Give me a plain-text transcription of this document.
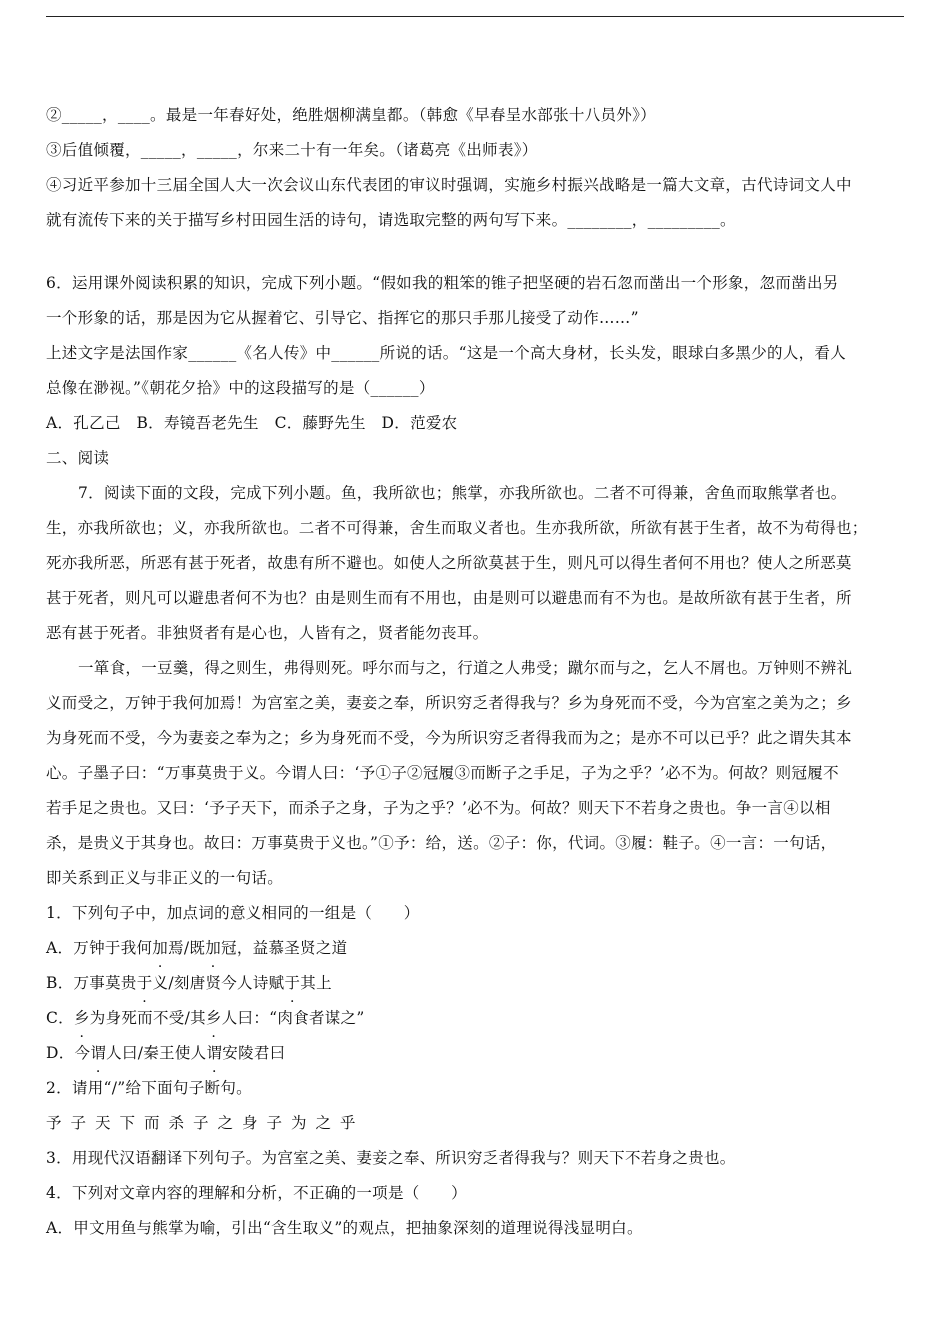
②_____，____。最是一年春好处，绝胜烟柳满皇都。（韩愈《早春呈水部张十八员外》）
③后值倾覆，_____，_____，尔来二十有一年矣。（诸葛亮《出师表》）
④习近平参加十三届全国人大一次会议山东代表团的审议时强调，实施乡村振兴战略是一篇大文章，古代诗词文人中
就有流传下来的关于描写乡村田园生活的诗句，请选取完整的两句写下来。________，_________。
6．运用课外阅读积累的知识，完成下列小题。“假如我的粗笨的锥子把坚硬的岩石忽而凿出一个形象，忽而凿出另
一个形象的话，那是因为它从握着它、引导它、指挥它的那只手那儿接受了动作……”
上述文字是法国作家______《名人传》中______所说的话。“这是一个高大身材，长头发，眼球白多黑少的人，看人
总像在渺视。”《朝花夕拾》中的这段描写的是（______）
A．孔乙己　B．寿镜吾老先生　C．藤野先生　D．范爱农
二、阅读
7．阅读下面的文段，完成下列小题。鱼，我所欲也；熊掌，亦我所欲也。二者不可得兼，舍鱼而取熊掌者也。
生，亦我所欲也；义，亦我所欲也。二者不可得兼，舍生而取义者也。生亦我所欲，所欲有甚于生者，故不为苟得也；
死亦我所恶，所恶有甚于死者，故患有所不避也。如使人之所欲莫甚于生，则凡可以得生者何不用也？使人之所恶莫
甚于死者，则凡可以避患者何不为也？由是则生而有不用也，由是则可以避患而有不为也。是故所欲有甚于生者，所
恶有甚于死者。非独贤者有是心也，人皆有之，贤者能勿丧耳。
一箪食，一豆羹，得之则生，弗得则死。呼尔而与之，行道之人弗受；蹴尔而与之，乞人不屑也。万钟则不辨礼
义而受之，万钟于我何加焉！为宫室之美，妻妾之奉，所识穷乏者得我与？乡为身死而不受，今为宫室之美为之；乡
为身死而不受，今为妻妾之奉为之；乡为身死而不受，今为所识穷乏者得我而为之；是亦不可以已乎？此之谓失其本
心。子墨子曰：“万事莫贵于义。今谓人曰：‘予①子②冠履③而断子之手足，子为之乎？’必不为。何故？则冠履不
若手足之贵也。又曰：‘予子天下，而杀子之身，子为之乎？’必不为。何故？则天下不若身之贵也。争一言④以相
杀，是贵义于其身也。故曰：万事莫贵于义也。”①予：给，送。②子：你，代词。③履：鞋子。④一言：一句话，
即关系到正义与非正义的一句话。
1．下列句子中，加点词的意义相同的一组是（　　）
A．万钟于我何加焉/既加冠，益慕圣贤之道
B．万事莫贵于义/刻唐贤今人诗赋于其上
C．乡为身死而不受/其乡人曰：“肉食者谋之”
D．今谓人曰/秦王使人谓安陵君曰
2．请用“/”给下面句子断句。
予子天下而杀子之身子为之乎
3．用现代汉语翻译下列句子。为宫室之美、妻妾之奉、所识穷乏者得我与？则天下不若身之贵也。
4．下列对文章内容的理解和分析，不正确的一项是（　　）
A．甲文用鱼与熊掌为喻，引出“含生取义”的观点，把抽象深刻的道理说得浅显明白。
